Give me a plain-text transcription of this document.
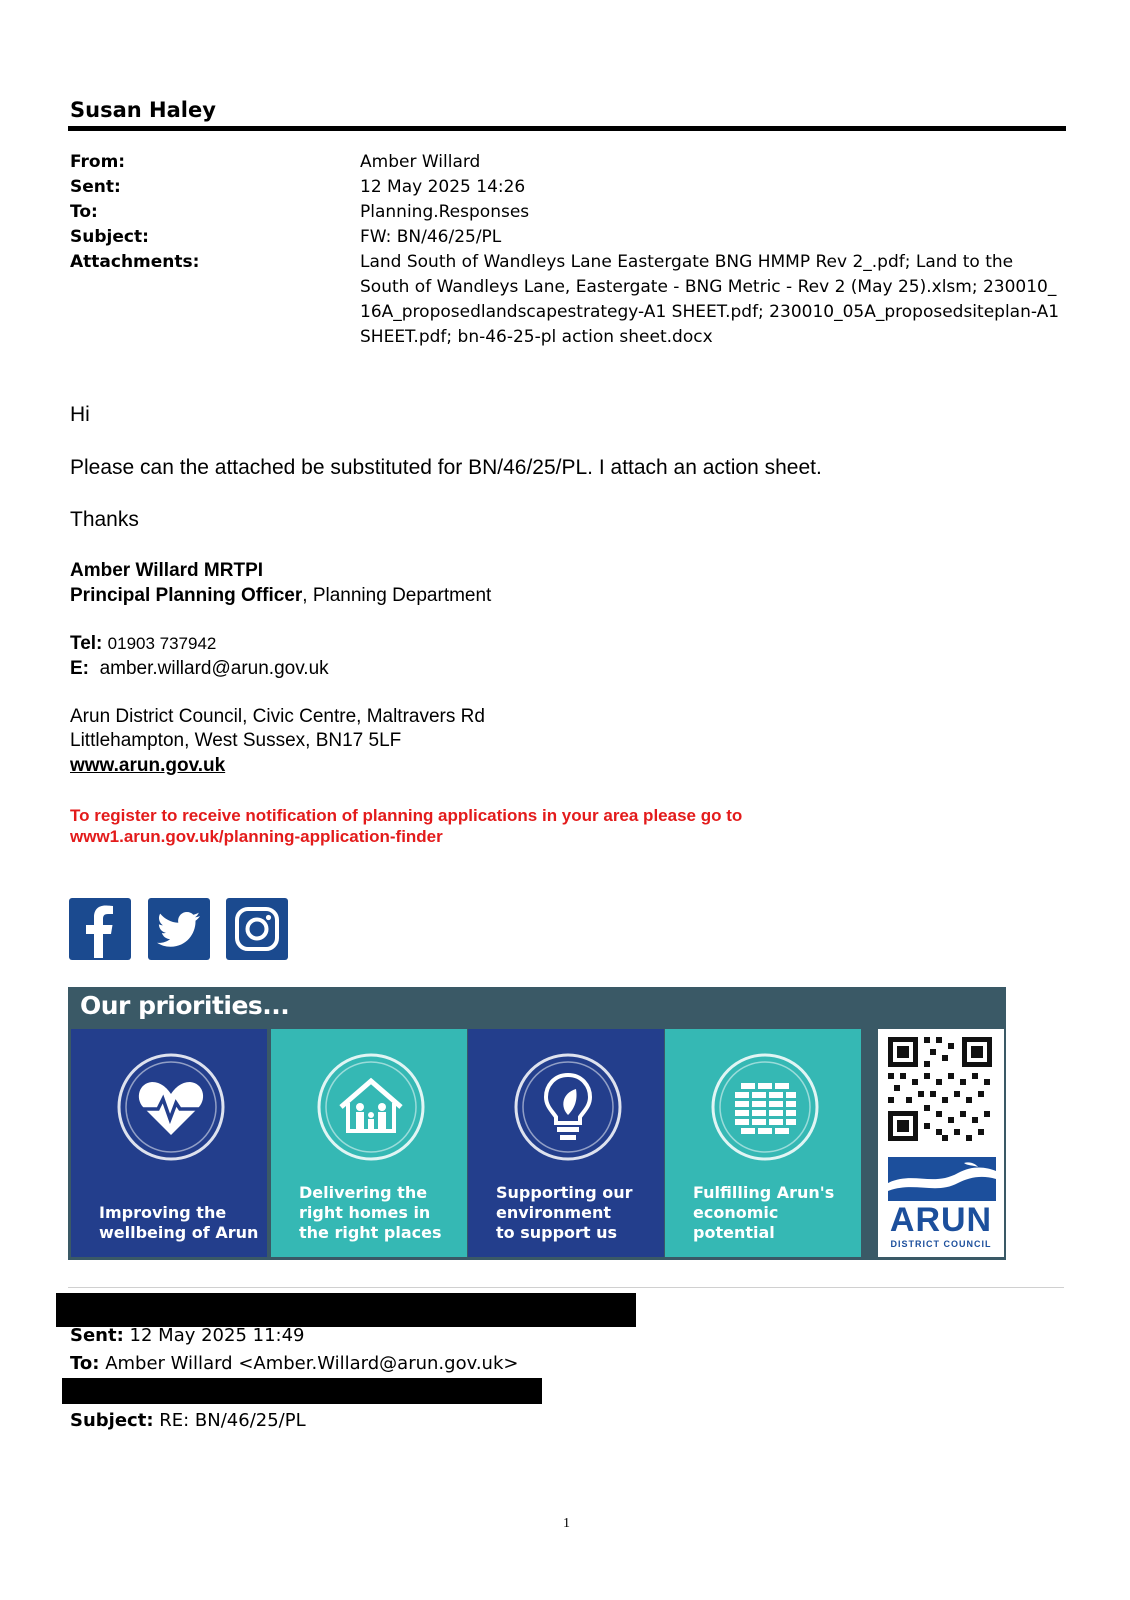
Susan Haley
From:	Amber Willard
Sent:	12 May 2025 14:26
To:	Planning.Responses
Subject:	FW: BN/46/25/PL
Attachments:	Land South of Wandleys Lane Eastergate BNG HMMP Rev 2_.pdf; Land to the
South of Wandleys Lane, Eastergate - BNG Metric - Rev 2 (May 25).xlsm; 230010_
16A_proposedlandscapestrategy-A1 SHEET.pdf; 230010_05A_proposedsiteplan-A1
SHEET.pdf; bn-46-25-pl action sheet.docx
Hi
Please can the attached be substituted for BN/46/25/PL. I attach an action sheet.
Thanks
Amber Willard MRTPI
Principal Planning Officer, Planning Department
Tel: 01903 737942
E: amber.willard@arun.gov.uk
Arun District Council, Civic Centre, Maltravers Rd
Littlehampton, West Sussex, BN17 5LF
www.arun.gov.uk
To register to receive notification of planning applications in your area please go to
www1.arun.gov.uk/planning-application-finder
Our priorities...
Improving the
wellbeing of Arun
Delivering the
right homes in
the right places
Supporting our
environment
to support us
Fulfilling Arun's
economic potential	ARUN
DISTRICT COUNCIL
Sent: 12 May 2025 11:49
To: Amber Willard <Amber.Willard@arun.gov.uk>
Subject: RE: BN/46/25/PL
1
